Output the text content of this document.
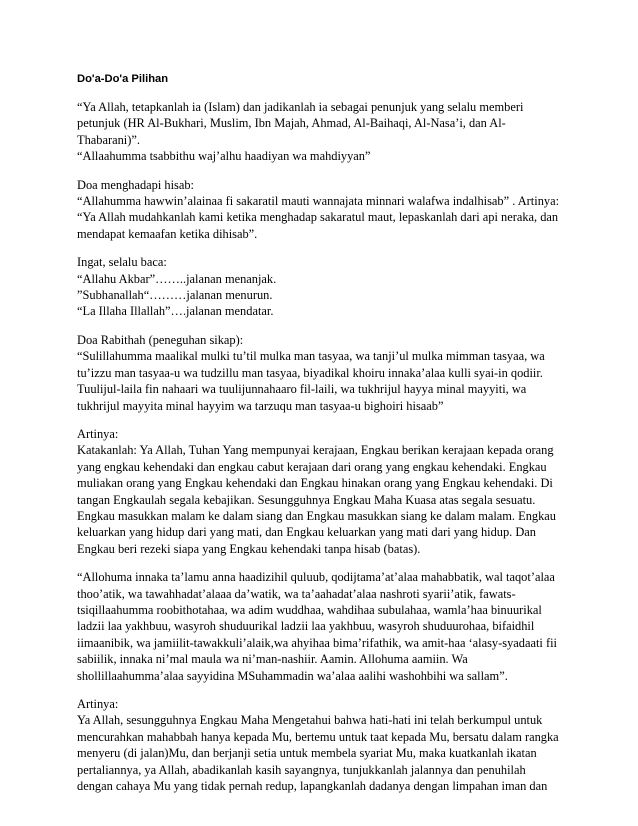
Do'a-Do'a Pilihan
“Ya Allah, tetapkanlah ia (Islam) dan jadikanlah ia sebagai penunjuk yang selalu memberi
petunjuk (HR Al-Bukhari, Muslim, Ibn Majah, Ahmad, Al-Baihaqi, Al-Nasa’i, dan Al-
Thabarani)”.
“Allaahumma tsabbithu waj’alhu haadiyan wa mahdiyyan”
Doa menghadapi hisab:
“Allahumma hawwin’alainaa fi sakaratil mauti wannajata minnari walafwa indalhisab” . Artinya:
“Ya Allah mudahkanlah kami ketika menghadap sakaratul maut, lepaskanlah dari api neraka, dan
mendapat kemaafan ketika dihisab”.
Ingat, selalu baca:
“Allahu Akbar”……..jalanan menanjak.
”Subhanallah“………jalanan menurun.
“La Illaha Illallah”….jalanan mendatar.
Doa Rabithah (peneguhan sikap):
“Sulillahumma maalikal mulki tu’til mulka man tasyaa, wa tanji’ul mulka mimman tasyaa, wa
tu’izzu man tasyaa-u wa tudzillu man tasyaa, biyadikal khoiru innaka’alaa kulli syai-in qodiir.
Tuulijul-laila fin nahaari wa tuulijunnahaaro fil-laili, wa tukhrijul hayya minal mayyiti, wa
tukhrijul mayyita minal hayyim wa tarzuqu man tasyaa-u bighoiri hisaab”
Artinya:
Katakanlah: Ya Allah, Tuhan Yang mempunyai kerajaan, Engkau berikan kerajaan kepada orang
yang engkau kehendaki dan engkau cabut kerajaan dari orang yang engkau kehendaki. Engkau
muliakan orang yang Engkau kehendaki dan Engkau hinakan orang yang Engkau kehendaki. Di
tangan Engkaulah segala kebajikan. Sesungguhnya Engkau Maha Kuasa atas segala sesuatu.
Engkau masukkan malam ke dalam siang dan Engkau masukkan siang ke dalam malam. Engkau
keluarkan yang hidup dari yang mati, dan Engkau keluarkan yang mati dari yang hidup. Dan
Engkau beri rezeki siapa yang Engkau kehendaki tanpa hisab (batas).
“Allohuma innaka ta’lamu anna haadizihil quluub, qodijtama’at’alaa mahabbatik, wal taqot’alaa
thoo’atik, wa tawahhadat’alaaa da’watik, wa ta’aahadat’alaa nashroti syarii’atik, fawats-
tsiqillaahumma roobithotahaa, wa adim wuddhaa, wahdihaa subulahaa, wamla’haa binuurikal
ladzii laa yakhbuu, wasyroh shuduurikal ladzii laa yakhbuu, wasyroh shuduurohaa, bifaidhil
iimaanibik, wa jamiilit-tawakkuli’alaik,wa ahyihaa bima’rifathik, wa amit-haa ‘alasy-syadaati fii
sabiilik, innaka ni’mal maula wa ni’man-nashiir. Aamin. Allohuma aamiin. Wa
shollillaahumma’alaa sayyidina MSuhammadin wa’alaa aalihi washohbihi wa sallam”.
Artinya:
Ya Allah, sesungguhnya Engkau Maha Mengetahui bahwa hati-hati ini telah berkumpul untuk
mencurahkan mahabbah hanya kepada Mu, bertemu untuk taat kepada Mu, bersatu dalam rangka
menyeru (di jalan)Mu, dan berjanji setia untuk membela syariat Mu, maka kuatkanlah ikatan
pertaliannya, ya Allah, abadikanlah kasih sayangnya, tunjukkanlah jalannya dan penuhilah
dengan cahaya Mu yang tidak pernah redup, lapangkanlah dadanya dengan limpahan iman dan
